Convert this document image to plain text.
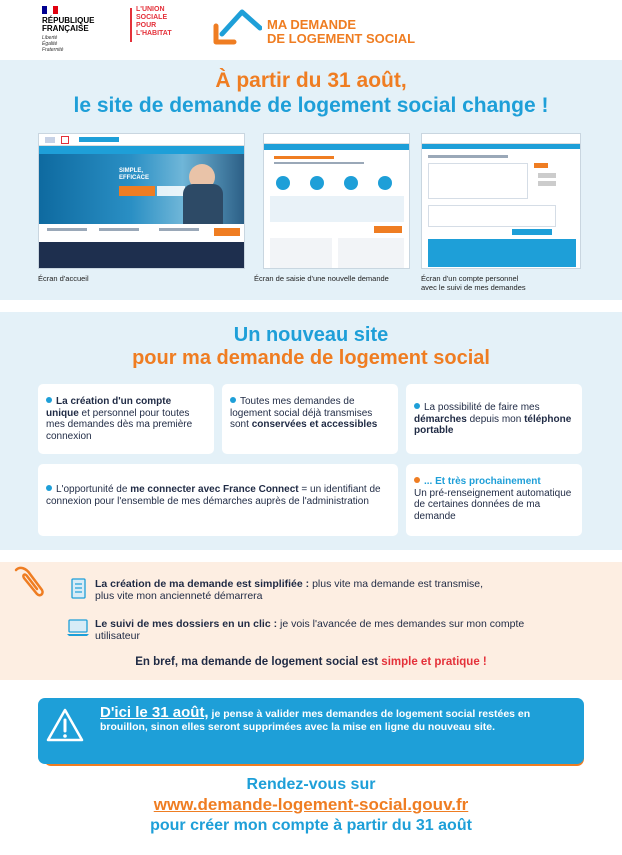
RÉPUBLIQUE
FRANÇAISE
Liberté
Égalité
Fraternité
L'UNION
SOCIALE
POUR
L'HABITAT
MA DEMANDE
DE LOGEMENT SOCIAL
À partir du 31 août,
le site de demande de logement social change !
SIMPLE, EFFICACE
Écran d'accueil	Écran de saisie d'une nouvelle demande	Écran d'un compte personnel
avec le suivi de mes demandes
Un nouveau site
pour ma demande de logement social
La création d'un compte unique et personnel pour toutes mes demandes dès ma première connexion
Toutes mes demandes de logement social déjà transmises sont conservées et accessibles
La possibilité de faire mes démarches depuis mon téléphone portable
L'opportunité de me connecter avec France Connect = un identifiant de connexion pour l'ensemble de mes démarches auprès de l'administration
... Et très prochainement
Un pré-renseignement automatique de certaines données de ma demande
La création de ma demande est simplifiée : plus vite ma demande est transmise, plus vite mon ancienneté démarrera
Le suivi de mes dossiers en un clic : je vois l'avancée de mes demandes sur mon compte utilisateur
En bref, ma demande de logement social est simple et pratique !
D'ici le 31 août, je pense à valider mes demandes de logement social restées en brouillon, sinon elles seront supprimées avec la mise en ligne du nouveau site.
Rendez-vous sur
www.demande-logement-social.gouv.fr
pour créer mon compte à partir du 31 août
